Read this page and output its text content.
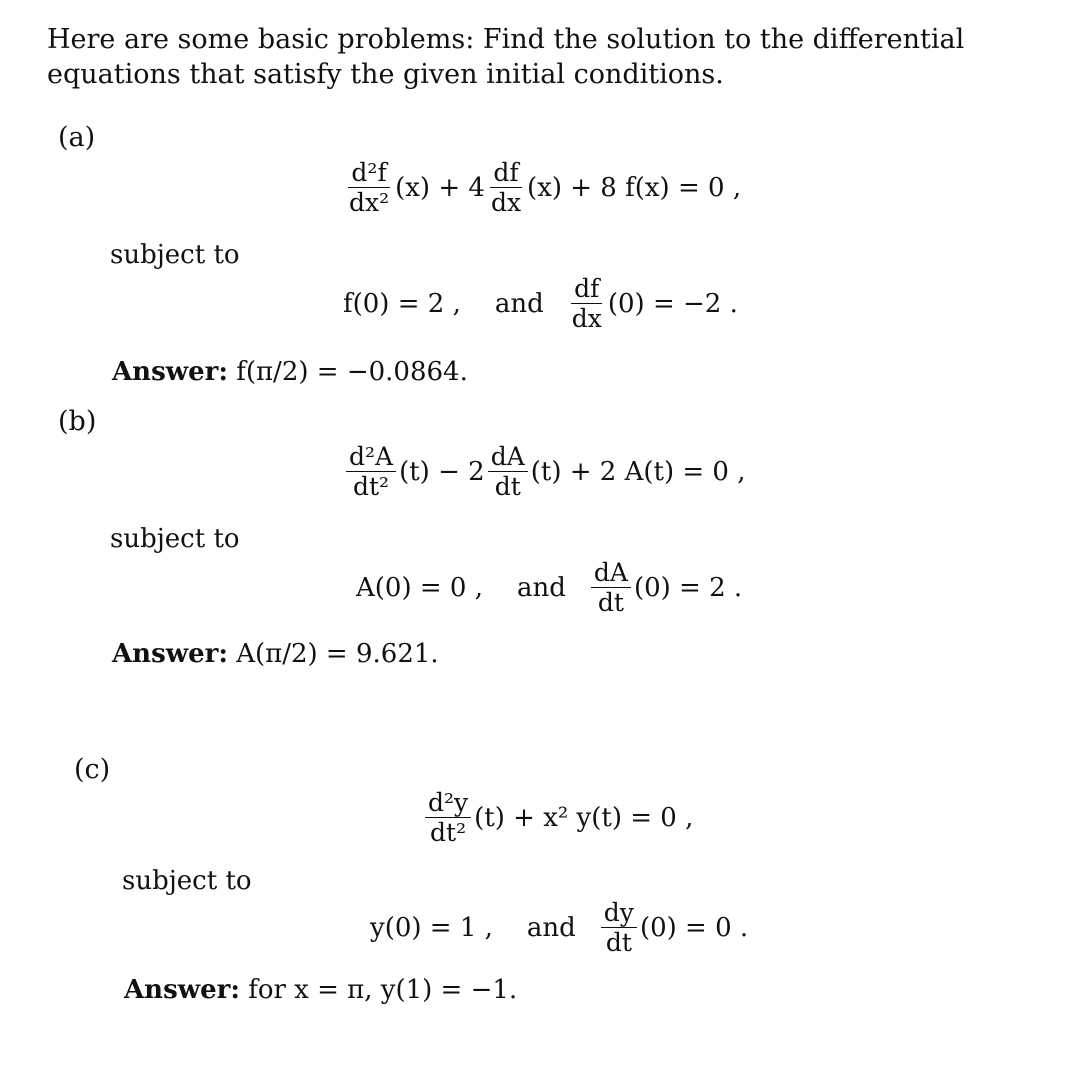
Here are some basic problems: Find the solution to the differential equations that satisfy the given initial conditions.
(a)
$\frac{\text{d²f}}{\text{dx²}} (x) + 4 \frac{df}{dx} (x) + 8$ f(x) = 0 ,
subject to
f(0) = 2 , and $\frac{df}{dx} (0) = -2$ .
Answer: f(π/2) = −0.0864.
(b)
$\frac{\text{d²A}}{\text{dt²}} (t) - 2 \frac{dA}{dt} (t) + 2$ A(t) = 0 ,
subject to
A(0) = 0 , and $\frac{dA}{dt} (0) = 2$ .
Answer: A(π/2) = 9.621.
(c)
$\frac{\text{d²y}}{\text{dt²}} (t) + x^2$ y(t) = 0 ,
subject to
y(0) = 1 , and $\frac{dy}{dt} (0) = 0$ .
Answer: for x = π, y(1) = −1.
